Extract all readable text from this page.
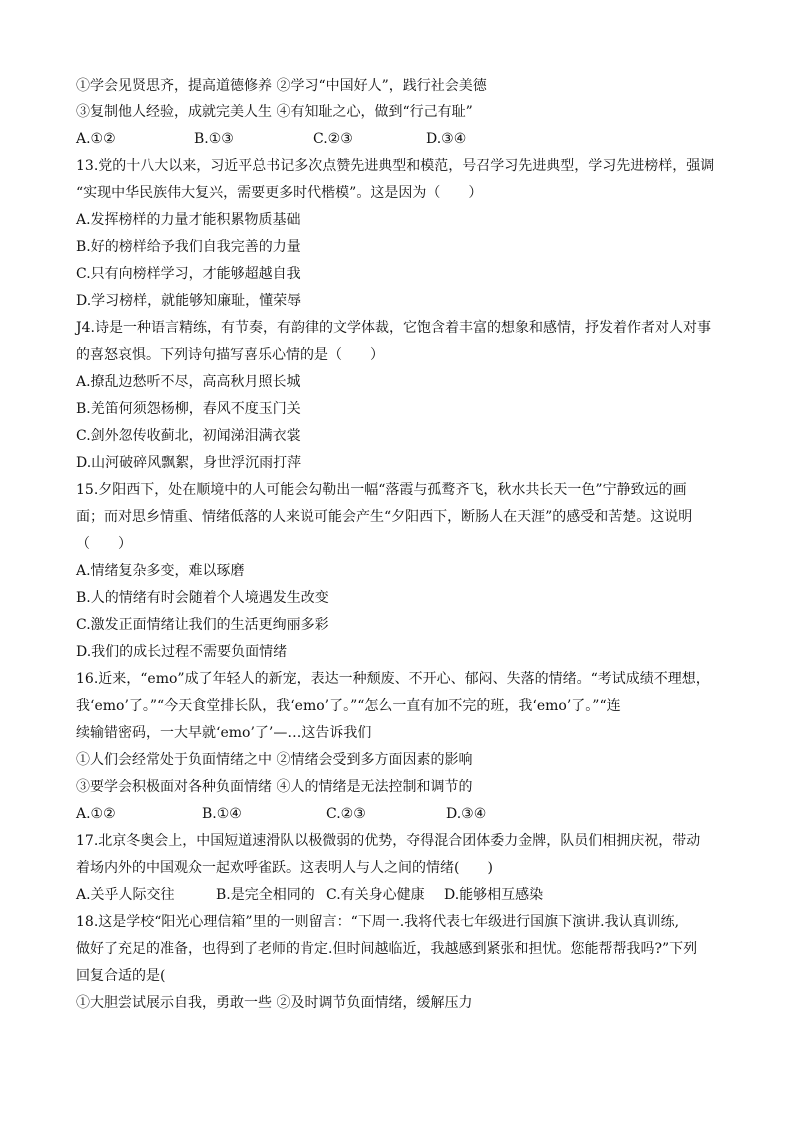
①学会见贤思齐，提高道德修养 ②学习“中国好人”，践行社会美德
③复制他人经验，成就完美人生 ④有知耻之心，做到“行己有耻”
A.①②	B.①③	C.②③	D.③④
13.党的十八大以来，习近平总书记多次点赞先进典型和模范，号召学习先进典型，学习先进榜样，强调
“实现中华民族伟大复兴，需要更多时代楷模”。这是因为（　　）
A.发挥榜样的力量才能积累物质基础
B.好的榜样给予我们自我完善的力量
C.只有向榜样学习，才能够超越自我
D.学习榜样，就能够知廉耻，懂荣辱
J4.诗是一种语言精练，有节奏，有韵律的文学体裁，它饱含着丰富的想象和感情，抒发着作者对人对事
的喜怒哀惧。下列诗句描写喜乐心情的是（　　）
A.撩乱边愁听不尽，高高秋月照长城
B.羌笛何须怨杨柳，春风不度玉门关
C.剑外忽传收蓟北，初闻涕泪满衣裳
D.山河破碎风飘絮，身世浮沉雨打萍
15.夕阳西下，处在顺境中的人可能会勾勒出一幅“落霞与孤鹜齐飞，秋水共长天一色”宁静致远的画
面；而对思乡情重、情绪低落的人来说可能会产生“夕阳西下，断肠人在天涯”的感受和苦楚。这说明
（　　）
A.情绪复杂多变，难以琢磨
B.人的情绪有时会随着个人境遇发生改变
C.激发正面情绪让我们的生活更绚丽多彩
D.我们的成长过程不需要负面情绪
16.近来，“emo”成了年轻人的新宠，表达一种颓废、不开心、郁闷、失落的情绪。“考试成绩不理想，
我‘emo’了。”“今天食堂排长队，我‘emo’了。”“怎么一直有加不完的班，我‘emo’了。”“连
续输错密码，一大早就‘emo’了’—…这告诉我们
①人们会经常处于负面情绪之中 ②情绪会受到多方面因素的影响
③要学会积极面对各种负面情绪 ④人的情绪是无法控制和调节的
A.①②	B.①④	C.②③	D.③④
17.北京冬奥会上，中国短道速滑队以极微弱的优势，夺得混合团体委力金牌，队员们相拥庆祝，带动
着场内外的中国观众一起欢呼雀跃。这表明人与人之间的情绪(　　)
A.关乎人际交往	B.是完全相同的 C.有关身心健康 D.能够相互感染
18.这是学校“阳光心理信箱”里的一则留言：“下周一.我将代表七年级进行国旗下演讲.我认真训练,
做好了充足的准备，也得到了老师的肯定.但时间越临近，我越感到紧张和担忧。您能帮帮我吗?”下列
回复合适的是(
①大胆尝试展示自我，勇敢一些 ②及时调节负面情绪，缓解压力
